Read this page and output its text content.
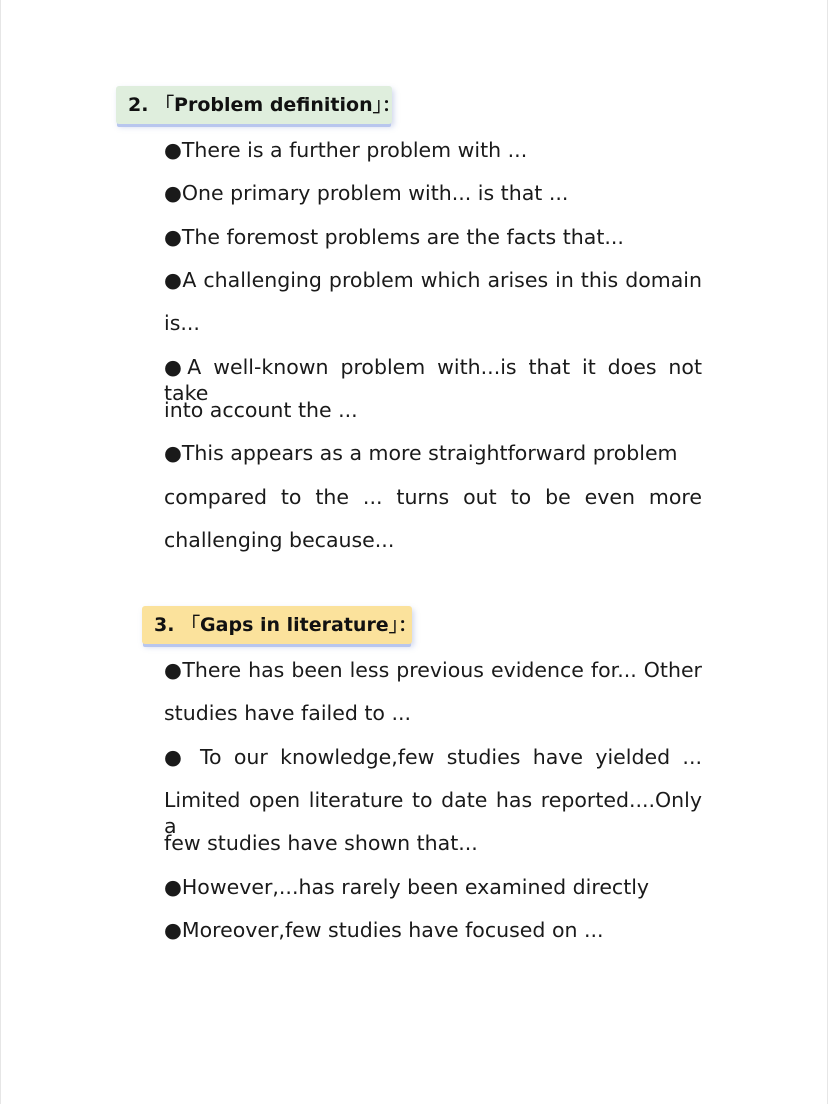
2. 「Problem definition」：
●There is a further problem with ...
●One primary problem with... is that ...
●The foremost problems are the facts that...
●A challenging problem which arises in this domain
is...
●A well-known problem with...is that it does not take
into account the ...
●This appears as a more straightforward problem
compared to the ... turns out to be even more
challenging because...
3. 「Gaps in literature」：
●There has been less previous evidence for... Other
studies have failed to ...
● To our knowledge,few studies have yielded ...
Limited open literature to date has reported....Only a
few studies have shown that...
●However,...has rarely been examined directly
●Moreover,few studies have focused on ...
